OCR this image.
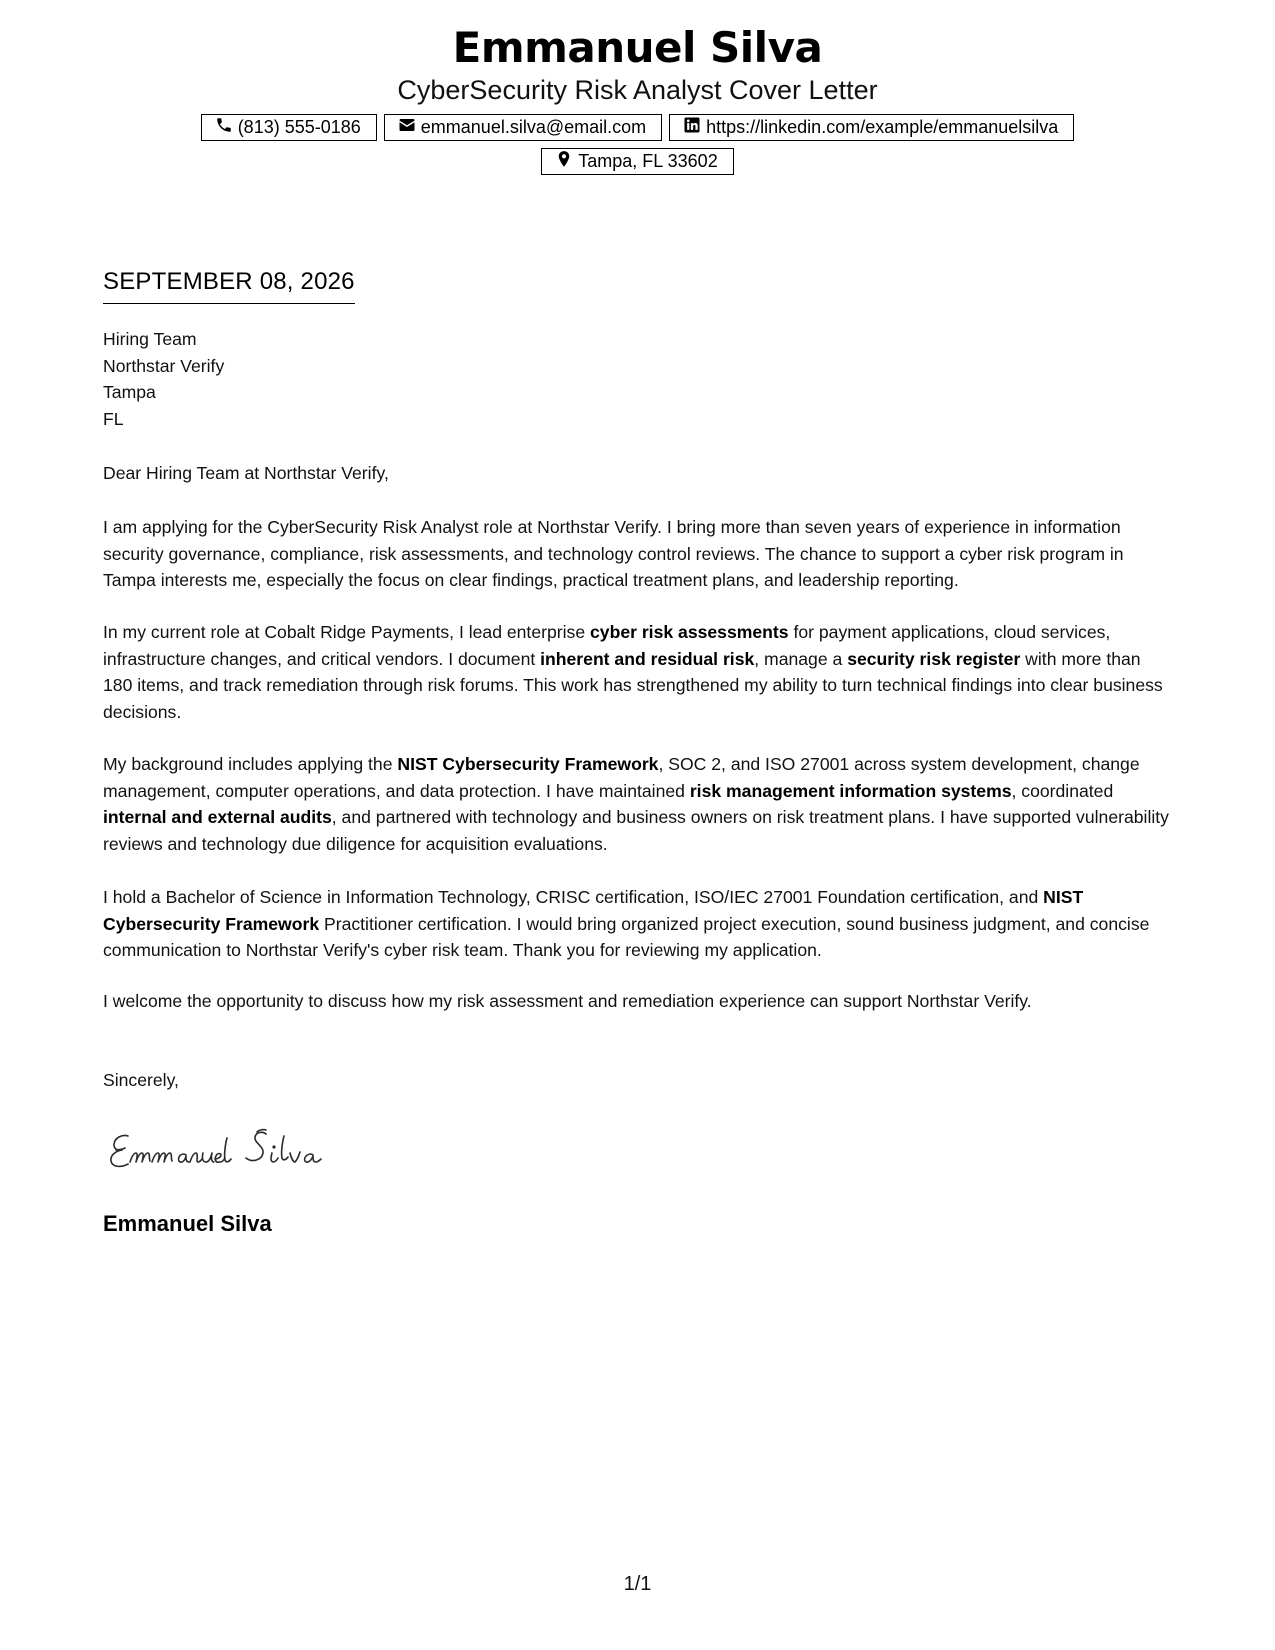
Emmanuel Silva
CyberSecurity Risk Analyst Cover Letter
(813) 555-0186	emmanuel.silva@email.com	https://linkedin.com/example/emmanuelsilva
Tampa, FL 33602
SEPTEMBER 08, 2026
Hiring Team
Northstar Verify
Tampa
FL
Dear Hiring Team at Northstar Verify,

I am applying for the CyberSecurity Risk Analyst role at Northstar Verify. I bring more than seven years of experience in information security governance, compliance, risk assessments, and technology control reviews. The chance to support a cyber risk program in Tampa interests me, especially the focus on clear findings, practical treatment plans, and leadership reporting.

In my current role at Cobalt Ridge Payments, I lead enterprise cyber risk assessments for payment applications, cloud services, infrastructure changes, and critical vendors. I document inherent and residual risk, manage a security risk register with more than 180 items, and track remediation through risk forums. This work has strengthened my ability to turn technical findings into clear business decisions.

My background includes applying the NIST Cybersecurity Framework, SOC 2, and ISO 27001 across system development, change management, computer operations, and data protection. I have maintained risk management information systems, coordinated internal and external audits, and partnered with technology and business owners on risk treatment plans. I have supported vulnerability reviews and technology due diligence for acquisition evaluations.

I hold a Bachelor of Science in Information Technology, CRISC certification, ISO/IEC 27001 Foundation certification, and NIST Cybersecurity Framework Practitioner certification. I would bring organized project execution, sound business judgment, and concise communication to Northstar Verify's cyber risk team. Thank you for reviewing my application.

I welcome the opportunity to discuss how my risk assessment and remediation experience can support Northstar Verify.

Sincerely,
Emmanuel Silva
1/1
